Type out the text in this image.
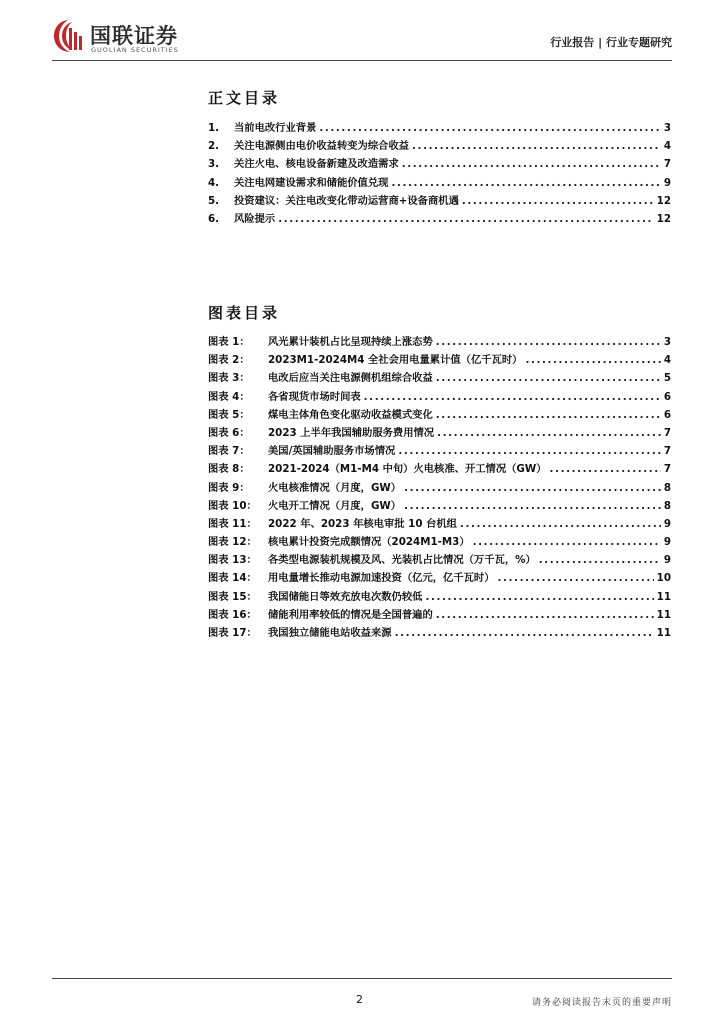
国联证券
GUOLIAN SECURITIES
行业报告 | 行业专题研究
正文目录
1.	当前电改行业背景 .....	3
2.	关注电源侧由电价收益转变为综合收益 .....	4
3.	关注火电、核电设备新建及改造需求 .....	7
4.	关注电网建设需求和储能价值兑现 .....	9
5.	投资建议：关注电改变化带动运营商+设备商机遇 .....	12
6.	风险提示 .....	12
图表目录
图表 1：	风光累计装机占比呈现持续上涨态势 .....	3
图表 2：	2023M1-2024M4 全社会用电量累计值（亿千瓦时） .....	4
图表 3：	电改后应当关注电源侧机组综合收益 .....	5
图表 4：	各省现货市场时间表 .....	6
图表 5：	煤电主体角色变化驱动收益模式变化 .....	6
图表 6：	2023 上半年我国辅助服务费用情况 .....	7
图表 7：	美国/英国辅助服务市场情况 .....	7
图表 8：	2021-2024（M1-M4 中旬）火电核准、开工情况（GW） .....	7
图表 9：	火电核准情况（月度，GW） .....	8
图表 10：	火电开工情况（月度，GW） .....	8
图表 11：	2022 年、2023 年核电审批 10 台机组 .....	9
图表 12：	核电累计投资完成额情况（2024M1-M3） .....	9
图表 13：	各类型电源装机规模及风、光装机占比情况（万千瓦，%） .....	9
图表 14：	用电量增长推动电源加速投资（亿元，亿千瓦时） .....	10
图表 15：	我国储能日等效充放电次数仍较低 .....	11
图表 16：	储能利用率较低的情况是全国普遍的 .....	11
图表 17：	我国独立储能电站收益来源 .....	11
2	请务必阅读报告末页的重要声明
